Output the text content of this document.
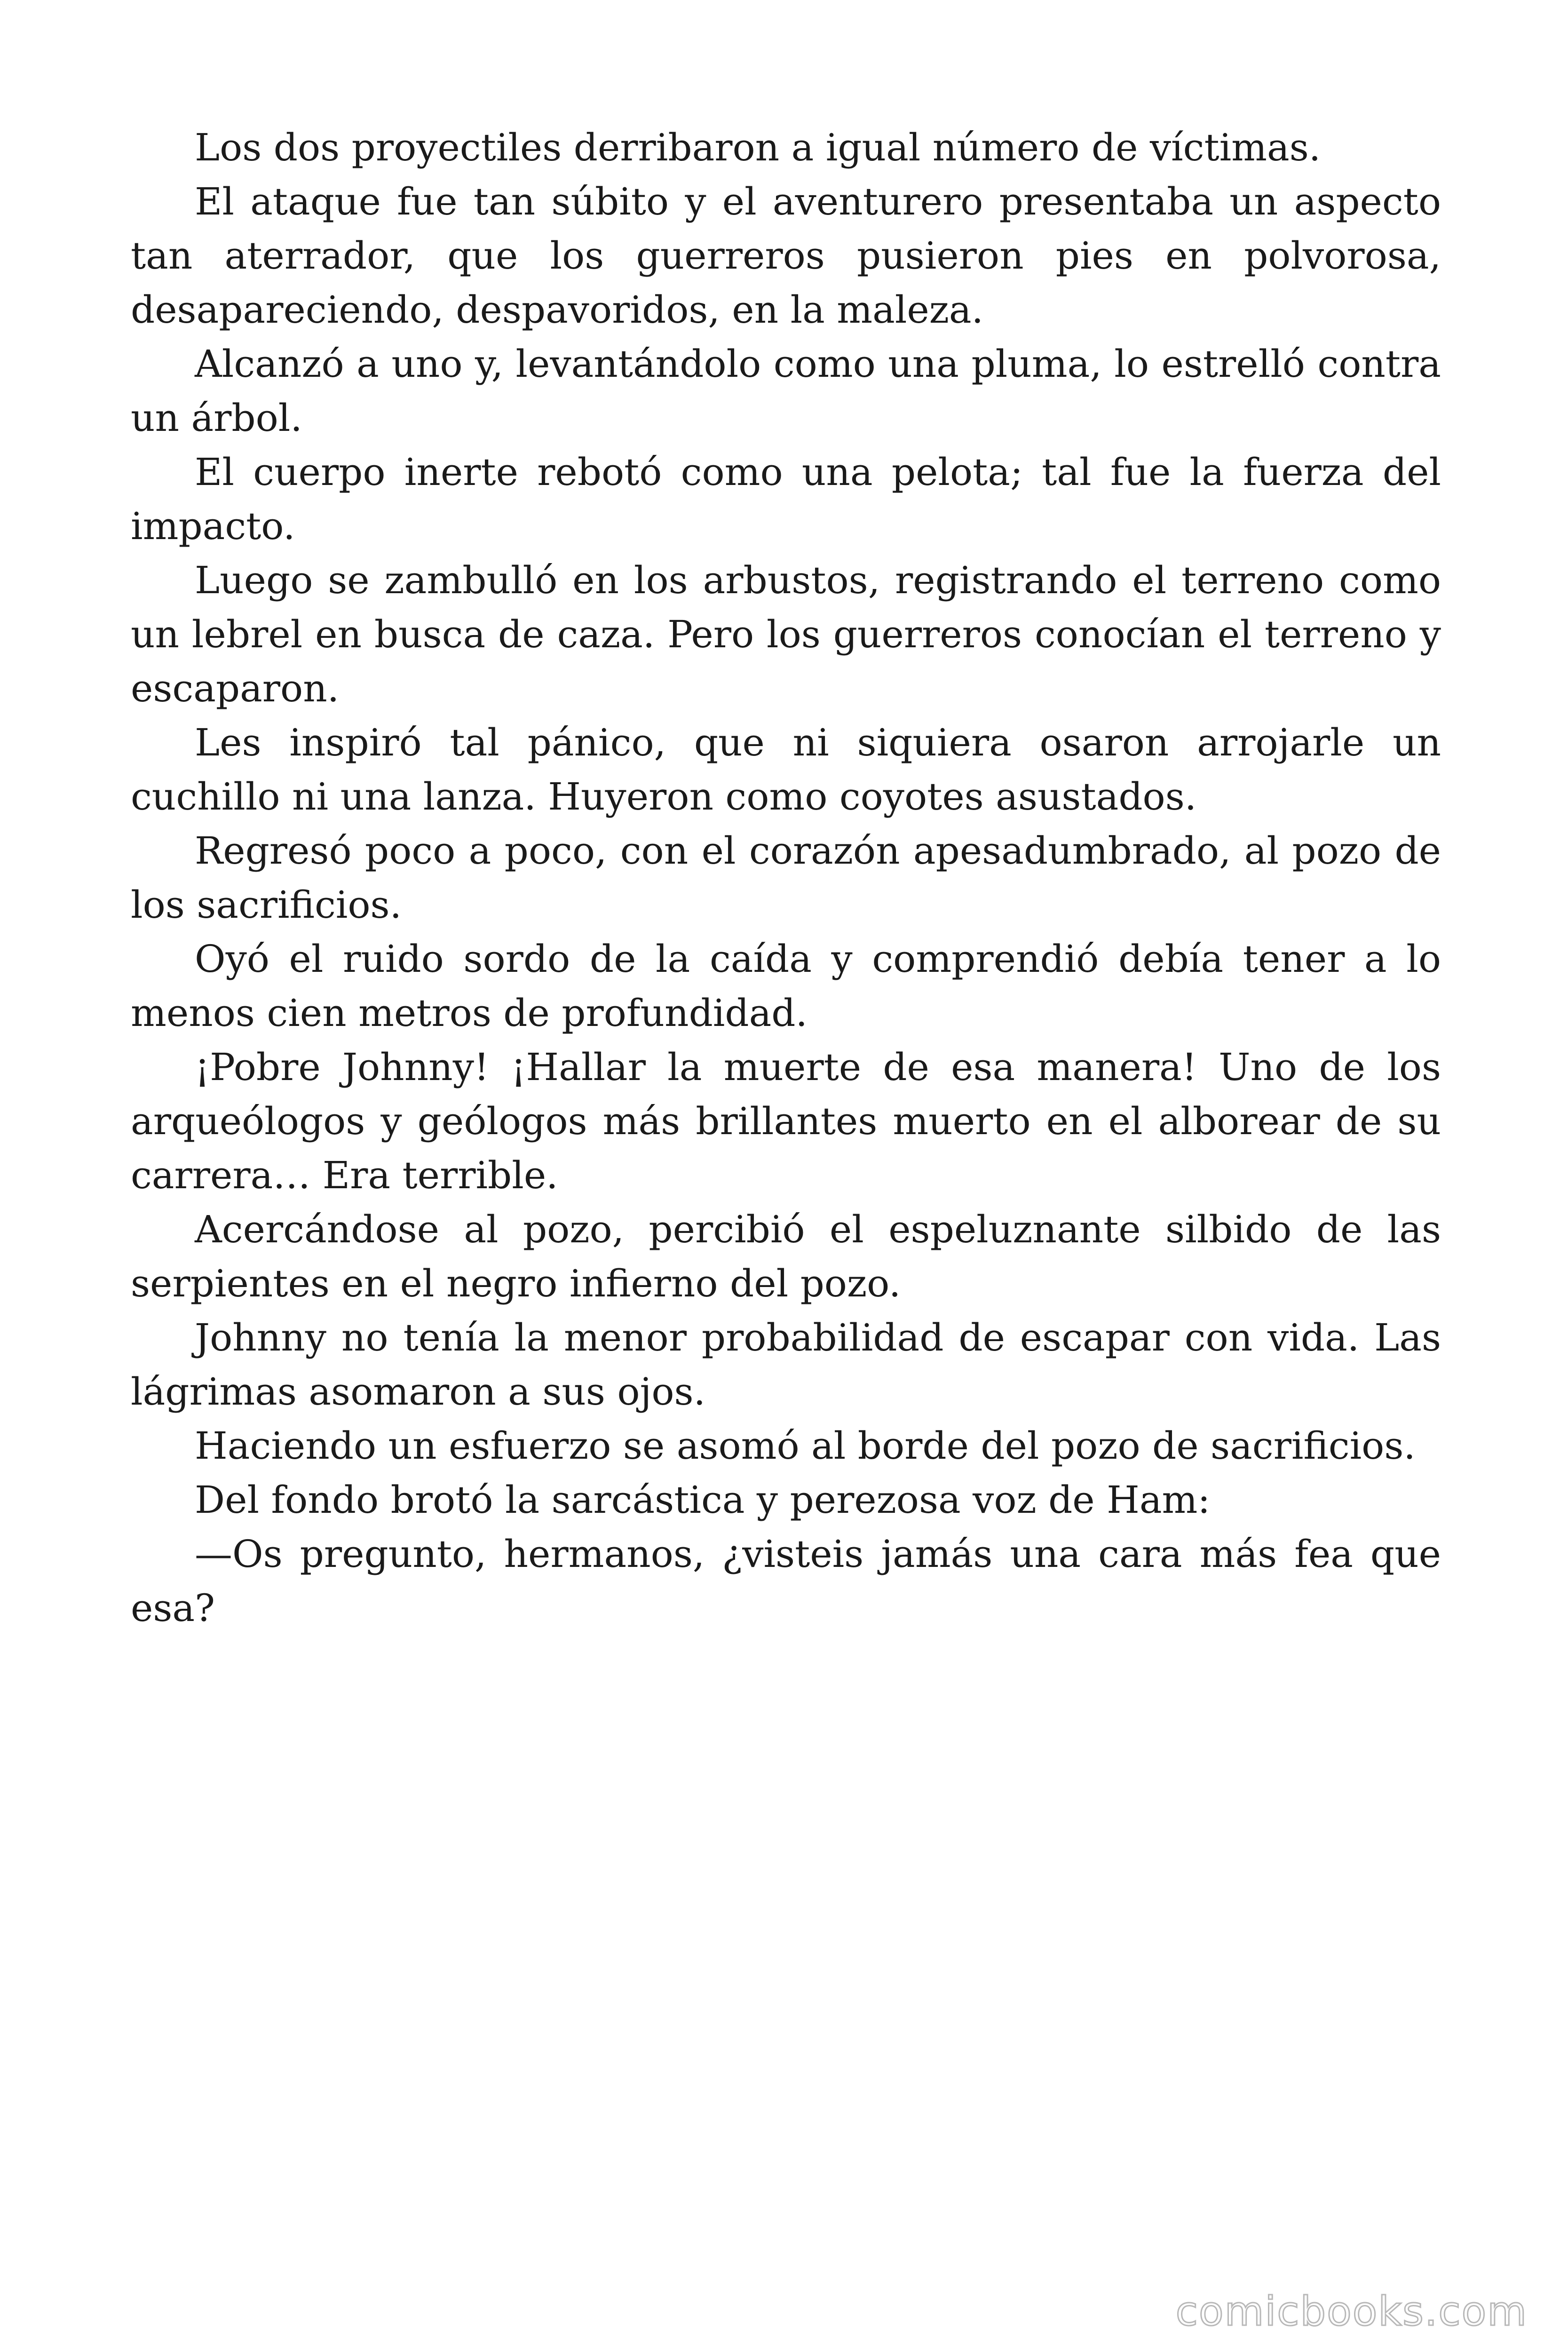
Los dos proyectiles derribaron a igual número de víctimas.

El ataque fue tan súbito y el aventurero presentaba un aspecto tan aterrador, que los guerreros pusieron pies en polvorosa, desapareciendo, despavoridos, en la maleza.

Alcanzó a uno y, levantándolo como una pluma, lo estrelló contra un árbol.

El cuerpo inerte rebotó como una pelota; tal fue la fuerza del impacto.

Luego se zambulló en los arbustos, registrando el terreno como un lebrel en busca de caza. Pero los guerreros conocían el terreno y escaparon.

Les inspiró tal pánico, que ni siquiera osaron arrojarle un cuchillo ni una lanza. Huyeron como coyotes asustados.

Regresó poco a poco, con el corazón apesadumbrado, al pozo de los sacrificios.

Oyó el ruido sordo de la caída y comprendió debía tener a lo menos cien metros de profundidad.

¡Pobre Johnny! ¡Hallar la muerte de esa manera! Uno de los arqueólogos y geólogos más brillantes muerto en el alborear de su carrera… Era terrible.

Acercándose al pozo, percibió el espeluznante silbido de las serpientes en el negro infierno del pozo.

Johnny no tenía la menor probabilidad de escapar con vida. Las lágrimas asomaron a sus ojos.

Haciendo un esfuerzo se asomó al borde del pozo de sacrificios.

Del fondo brotó la sarcástica y perezosa voz de Ham:

—Os pregunto, hermanos, ¿visteis jamás una cara más fea que esa?

comicbooks.com
